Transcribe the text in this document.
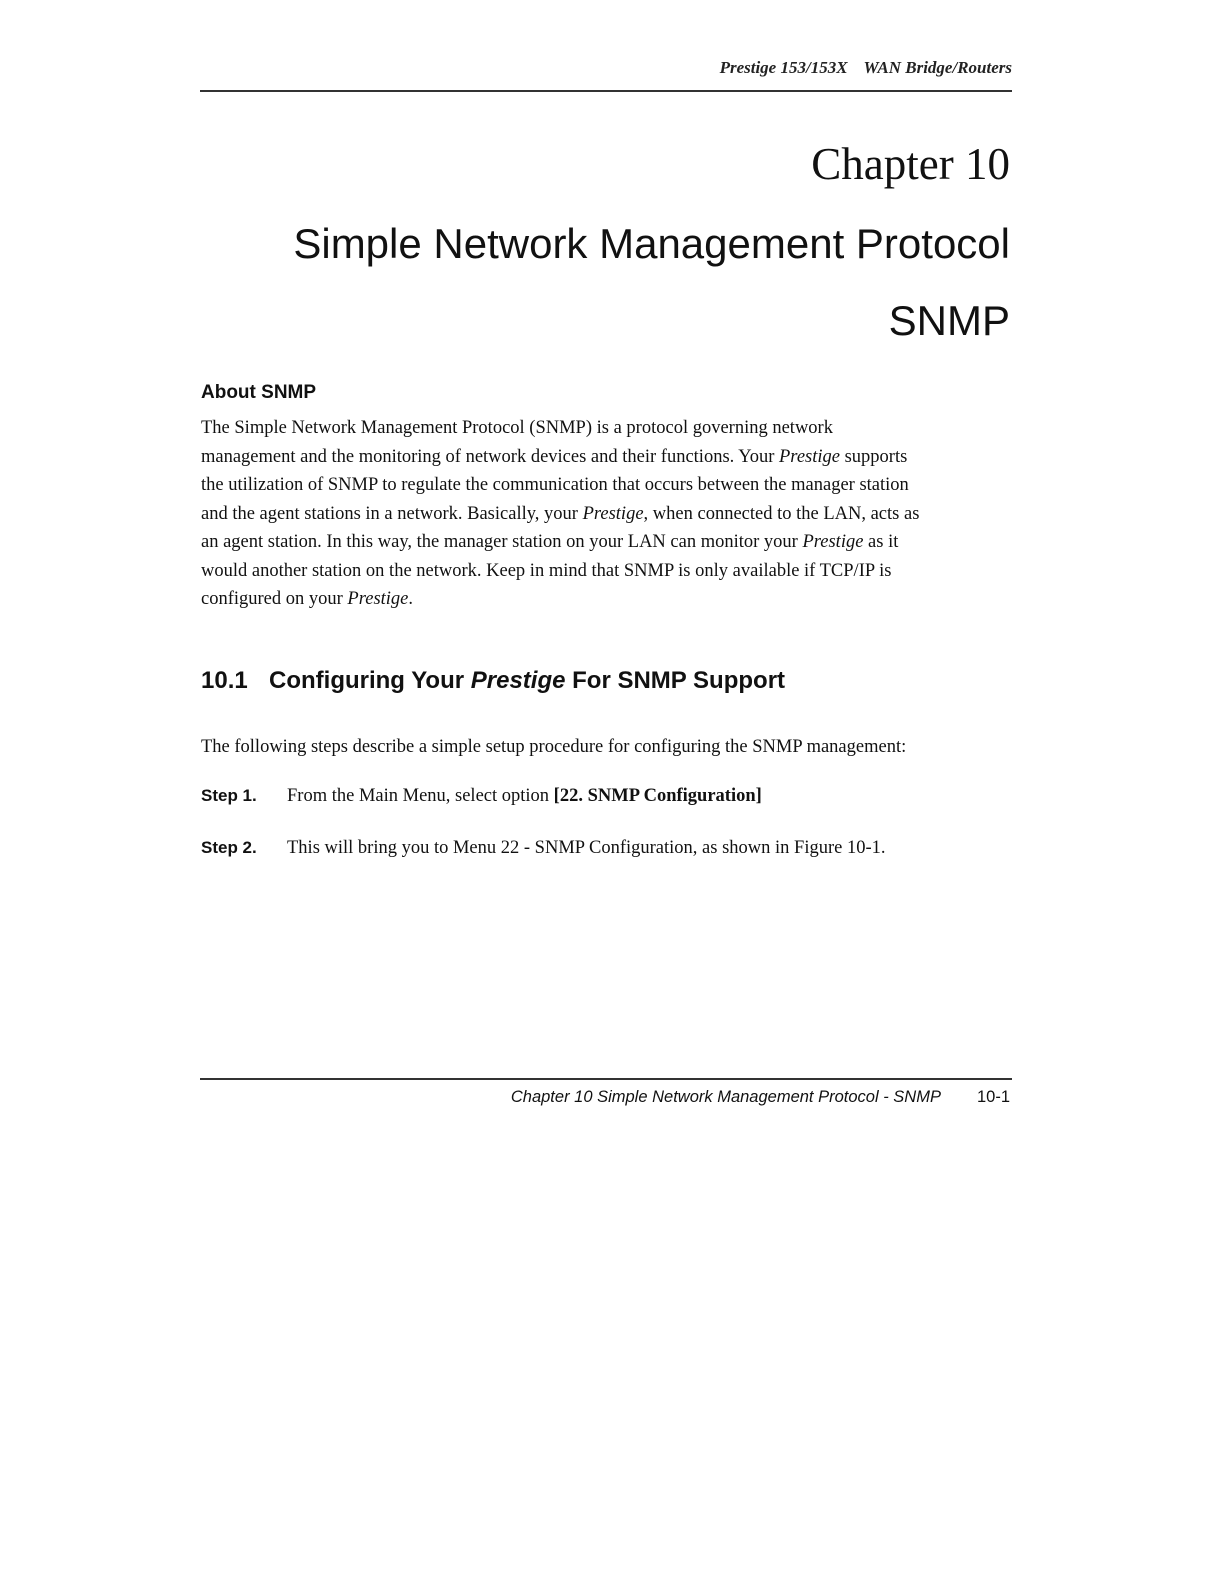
Prestige 153/153X WAN Bridge/Routers
Chapter 10
Simple Network Management Protocol
SNMP
About SNMP
The Simple Network Management Protocol (SNMP) is a protocol governing network
management and the monitoring of network devices and their functions. Your Prestige supports
the utilization of SNMP to regulate the communication that occurs between the manager station
and the agent stations in a network. Basically, your Prestige, when connected to the LAN, acts as
an agent station. In this way, the manager station on your LAN can monitor your Prestige as it
would another station on the network. Keep in mind that SNMP is only available if TCP/IP is
configured on your Prestige.
10.1 Configuring Your Prestige For SNMP Support
The following steps describe a simple setup procedure for configuring the SNMP management:
Step 1. From the Main Menu, select option [22. SNMP Configuration]
Step 2. This will bring you to Menu 22 - SNMP Configuration, as shown in Figure 10-1.
Chapter 10 Simple Network Management Protocol - SNMP 10-1
